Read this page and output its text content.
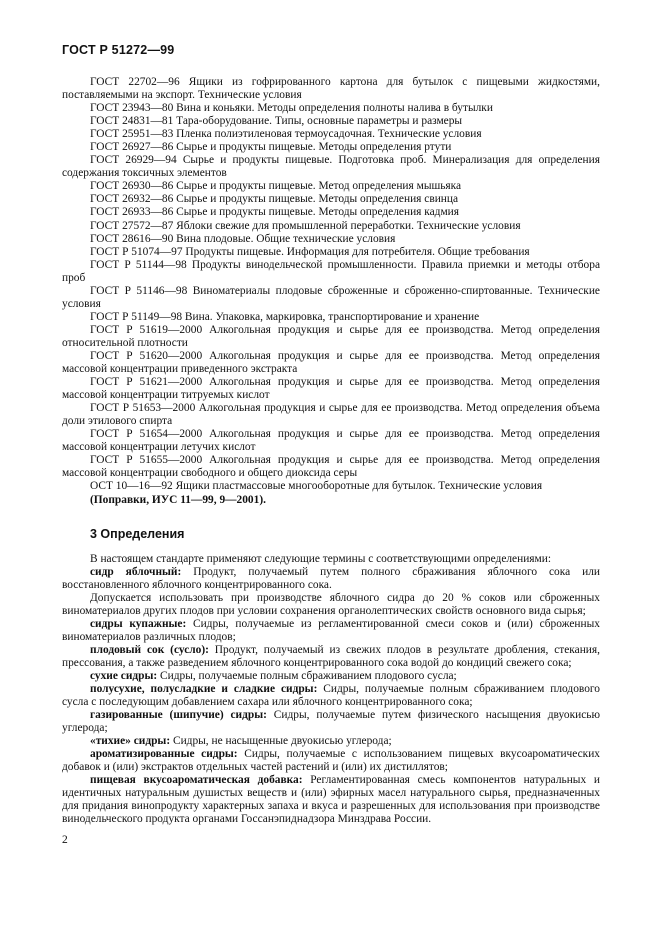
ГОСТ Р 51272—99

ГОСТ 22702—96 Ящики из гофрированного картона для бутылок с пищевыми жидкостями, поставляемыми на экспорт. Технические условия

ГОСТ 23943—80 Вина и коньяки. Методы определения полноты налива в бутылки

ГОСТ 24831—81 Тара-оборудование. Типы, основные параметры и размеры

ГОСТ 25951—83 Пленка полиэтиленовая термоусадочная. Технические условия

ГОСТ 26927—86 Сырье и продукты пищевые. Методы определения ртути

ГОСТ 26929—94 Сырье и продукты пищевые. Подготовка проб. Минерализация для определения содержания токсичных элементов

ГОСТ 26930—86 Сырье и продукты пищевые. Метод определения мышьяка

ГОСТ 26932—86 Сырье и продукты пищевые. Методы определения свинца

ГОСТ 26933—86 Сырье и продукты пищевые. Методы определения кадмия

ГОСТ 27572—87 Яблоки свежие для промышленной переработки. Технические условия

ГОСТ 28616—90 Вина плодовые. Общие технические условия

ГОСТ Р 51074—97 Продукты пищевые. Информация для потребителя. Общие требования

ГОСТ Р 51144—98 Продукты винодельческой промышленности. Правила приемки и методы отбора проб

ГОСТ Р 51146—98 Виноматериалы плодовые сброженные и сброженно-спиртованные. Технические условия

ГОСТ Р 51149—98 Вина. Упаковка, маркировка, транспортирование и хранение

ГОСТ Р 51619—2000 Алкогольная продукция и сырье для ее производства. Метод определения относительной плотности

ГОСТ Р 51620—2000 Алкогольная продукция и сырье для ее производства. Метод определения массовой концентрации приведенного экстракта

ГОСТ Р 51621—2000 Алкогольная продукция и сырье для ее производства. Метод определения массовой концентрации титруемых кислот

ГОСТ Р 51653—2000 Алкогольная продукция и сырье для ее производства. Метод определения объема доли этилового спирта

ГОСТ Р 51654—2000 Алкогольная продукция и сырье для ее производства. Метод определения массовой концентрации летучих кислот

ГОСТ Р 51655—2000 Алкогольная продукция и сырье для ее производства. Метод определения массовой концентрации свободного и общего диоксида серы

ОСТ 10—16—92 Ящики пластмассовые многооборотные для бутылок. Технические условия

(Поправки, ИУС 11—99, 9—2001).

3 Определения

В настоящем стандарте применяют следующие термины с соответствующими определениями:

сидр яблочный: Продукт, получаемый путем полного сбраживания яблочного сока или восстановленного яблочного концентрированного сока.

Допускается использовать при производстве яблочного сидра до 20 % соков или сброженных виноматериалов других плодов при условии сохранения органолептических свойств основного вида сырья;

сидры купажные: Сидры, получаемые из регламентированной смеси соков и (или) сброженных виноматериалов различных плодов;

плодовый сок (сусло): Продукт, получаемый из свежих плодов в результате дробления, стекания, прессования, а также разведением яблочного концентрированного сока водой до кондиций свежего сока;

сухие сидры: Сидры, получаемые полным сбраживанием плодового сусла;

полусухие, полусладкие и сладкие сидры: Сидры, получаемые полным сбраживанием плодового сусла с последующим добавлением сахара или яблочного концентрированного сока;

газированные (шипучие) сидры: Сидры, получаемые путем физического насыщения двуокисью углерода;

«тихие» сидры: Сидры, не насыщенные двуокисью углерода;

ароматизированные сидры: Сидры, получаемые с использованием пищевых вкусоароматических добавок и (или) экстрактов отдельных частей растений и (или) их дистиллятов;

пищевая вкусоароматическая добавка: Регламентированная смесь компонентов натуральных и идентичных натуральным душистых веществ и (или) эфирных масел натурального сырья, предназначенных для придания винопродукту характерных запаха и вкуса и разрешенных для использования при производстве винодельческого продукта органами Госсанэпиднадзора Минздрава России.

2
